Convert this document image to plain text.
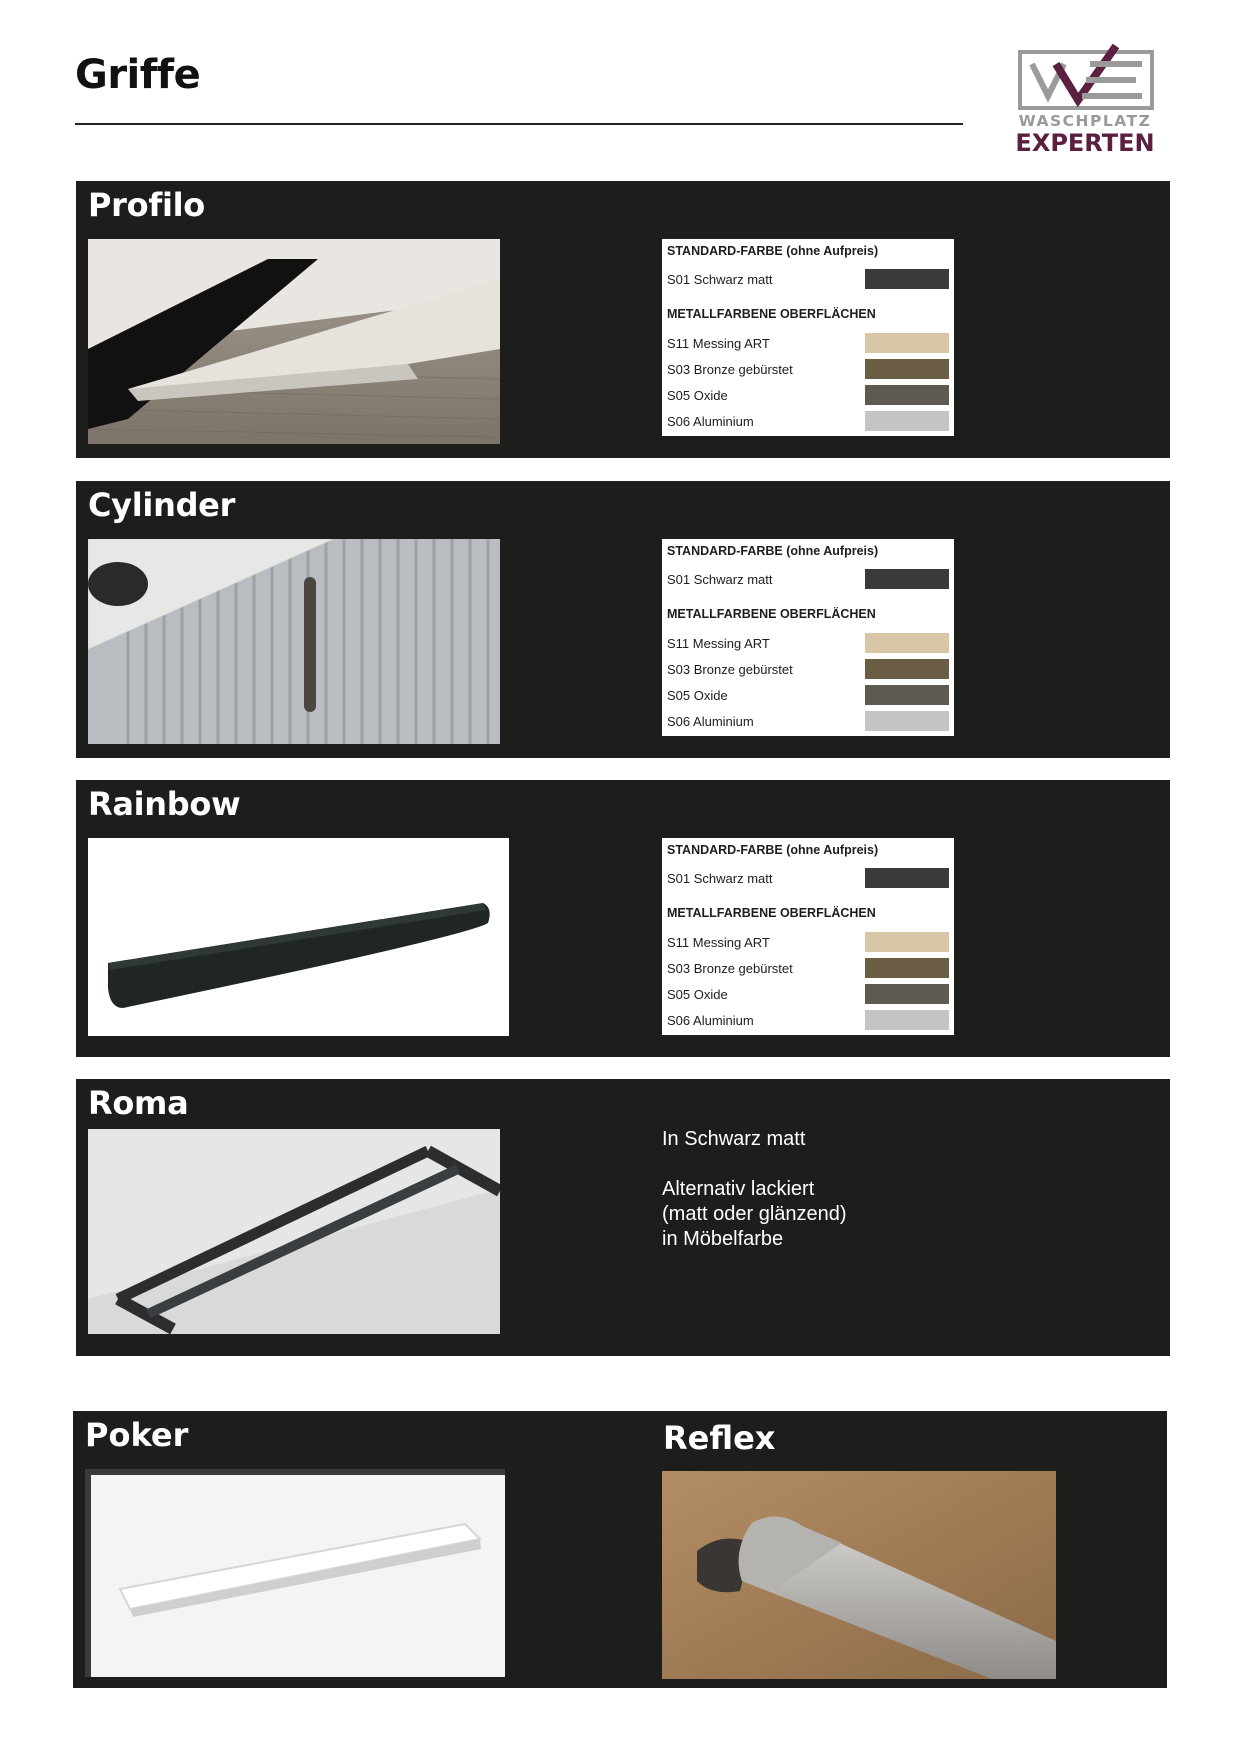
Griffe
WASCHPLATZ
EXPERTEN
Profilo
STANDARD-FARBE (ohne Aufpreis)
S01 Schwarz matt
METALLFARBENE OBERFLÄCHEN
S11 Messing ART
S03 Bronze gebürstet
S05 Oxide
S06 Aluminium
Cylinder
STANDARD-FARBE (ohne Aufpreis)
S01 Schwarz matt
METALLFARBENE OBERFLÄCHEN
S11 Messing ART
S03 Bronze gebürstet
S05 Oxide
S06 Aluminium
Rainbow
STANDARD-FARBE (ohne Aufpreis)
S01 Schwarz matt
METALLFARBENE OBERFLÄCHEN
S11 Messing ART
S03 Bronze gebürstet
S05 Oxide
S06 Aluminium
Roma
In Schwarz matt
Alternativ lackiert
(matt oder glänzend)
in Möbelfarbe
Poker	Reflex
